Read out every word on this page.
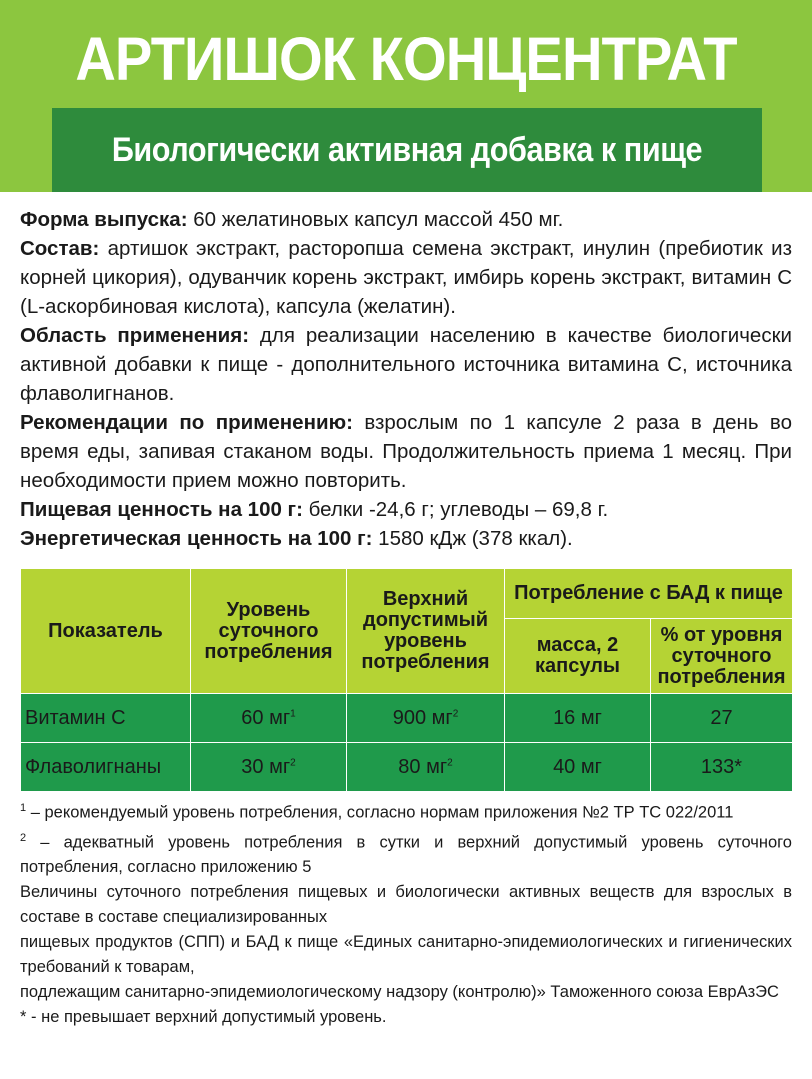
АРТИШОК КОНЦЕНТРАТ
Биологически активная добавка к пище

Форма выпуска: 60 желатиновых капсул массой 450 мг.

Состав: артишок экстракт, расторопша семена экстракт, инулин (пребиотик из корней цикория), одуванчик корень экстракт, имбирь корень экстракт, витамин С (L-аскорбиновая кислота), капсула (желатин).

Область применения: для реализации населению в качестве биологически активной добавки к пище - дополнительного источника витамина С, источника флаволигнанов.

Рекомендации по применению: взрослым по 1 капсуле 2 раза в день во время еды, запивая стаканом воды. Продолжительность приема 1 месяц. При необходимости прием можно повторить.

Пищевая ценность на 100 г: белки -24,6 г; углеводы – 69,8 г.

Энергетическая ценность на 100 г: 1580 кДж (378 ккал).

Показатель	Уровень суточного потребления	Верхний допустимый уровень потребления	Потребление с БАД к пище	
			масса, 2 капсулы	% от уровня суточного потребления
Витамин С	60 $мг^1$	900 $мг^2$	16 мг	27
Флаволигнаны	30 $мг^2$	80 $мг^2$	40 мг	133*

$^1$ – рекомендуемый уровень потребления, согласно нормам приложения №2 ТР ТС 022/2011

$^2$ – адекватный уровень потребления в сутки и верхний допустимый уровень суточного потребления, согласно приложению 5

Величины суточного потребления пищевых и биологически активных веществ для взрослых в составе в составе специализированных

пищевых продуктов (СПП) и БАД к пище «Единых санитарно-эпидемиологических и гигиенических требований к товарам,

подлежащим санитарно-эпидемиологическому надзору (контролю)» Таможенного союза ЕврАзЭС

* - не превышает верхний допустимый уровень.
